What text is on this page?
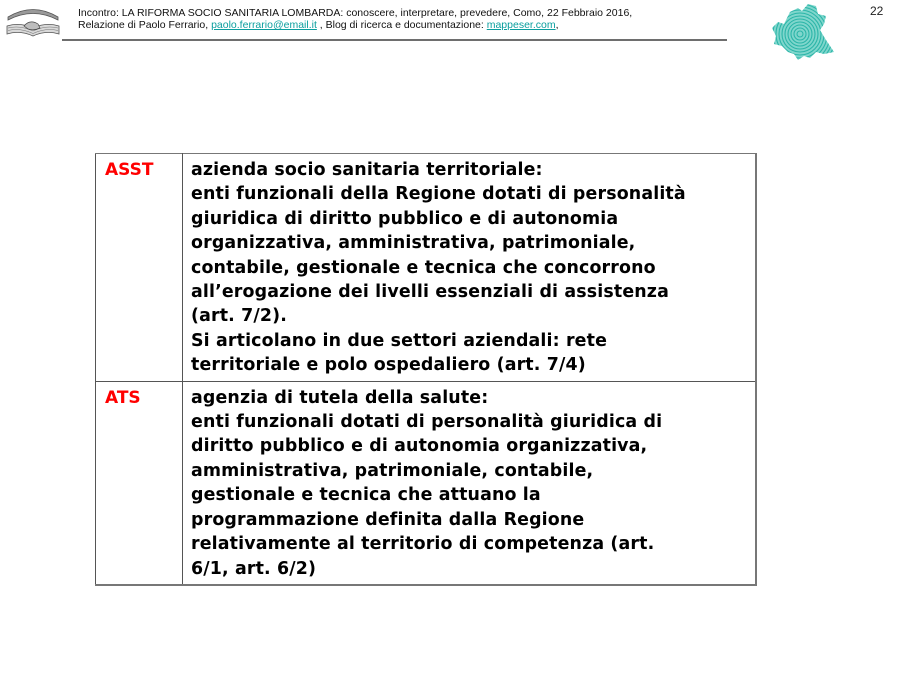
Incontro: LA RIFORMA SOCIO SANITARIA LOMBARDA: conoscere, interpretare, prevedere, Como, 22 Febbraio 2016,
Relazione di Paolo Ferrario, paolo.ferrario@email.it , Blog di ricerca e documentazione: mappeser.com,
22
ASST	azienda socio sanitaria territoriale:
enti funzionali della Regione dotati di personalità
giuridica di diritto pubblico e di autonomia
organizzativa, amministrativa, patrimoniale,
contabile, gestionale e tecnica che concorrono
all’erogazione dei livelli essenziali di assistenza
(art. 7/2).
Si articolano in due settori aziendali: rete
territoriale e polo ospedaliero (art. 7/4)

ATS	agenzia di tutela della salute:
enti funzionali dotati di personalità giuridica di
diritto pubblico e di autonomia organizzativa,
amministrativa, patrimoniale, contabile,
gestionale e tecnica che attuano la
programmazione definita dalla Regione
relativamente al territorio di competenza (art.
6/1, art. 6/2)
